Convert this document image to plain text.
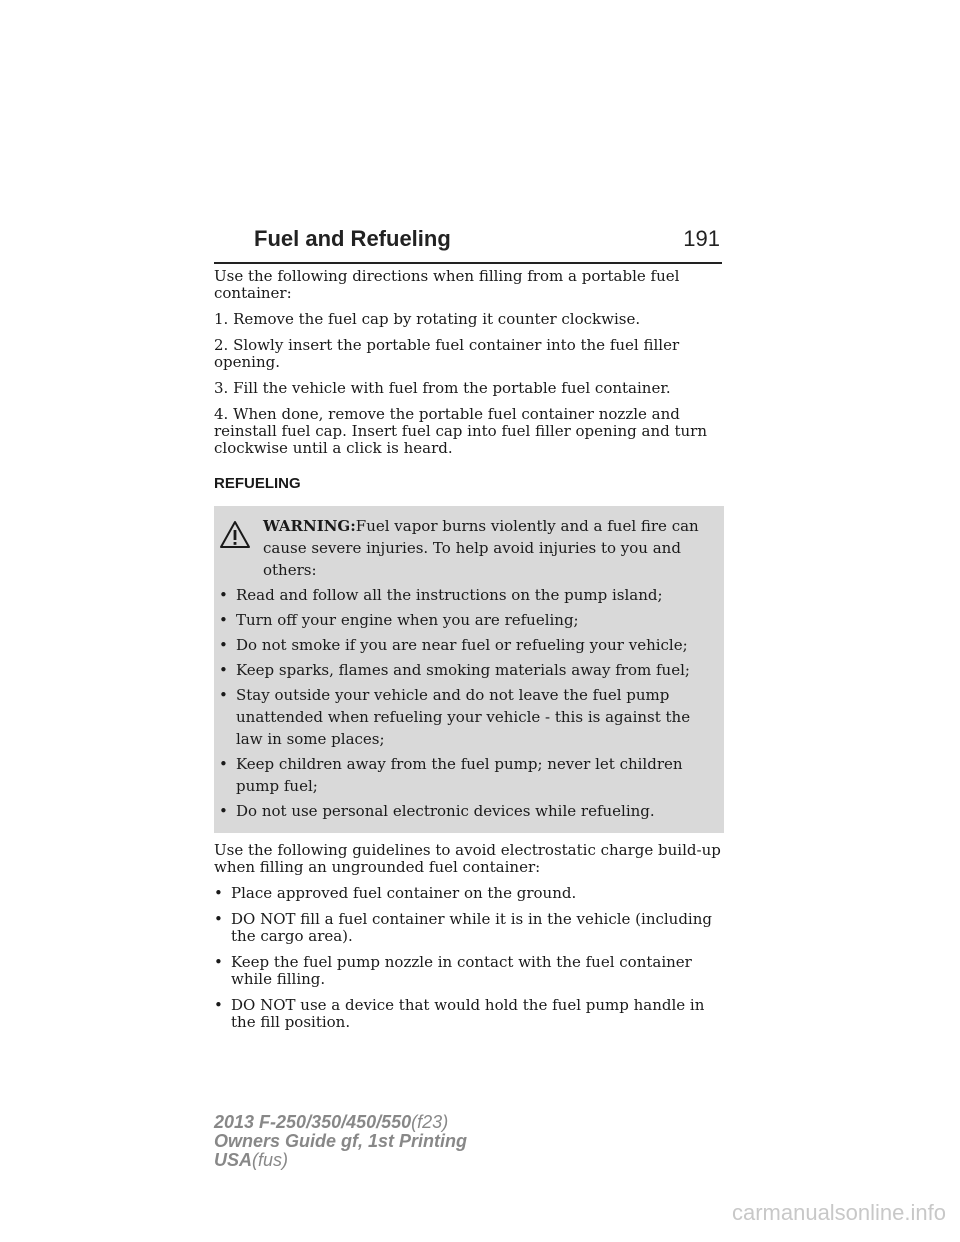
Fuel and Refueling	191

Use the following directions when filling from a portable fuel container:

1. Remove the fuel cap by rotating it counter clockwise.

2. Slowly insert the portable fuel container into the fuel filler opening.

3. Fill the vehicle with fuel from the portable fuel container.

4. When done, remove the portable fuel container nozzle and reinstall fuel cap. Insert fuel cap into fuel filler opening and turn clockwise until a click is heard.

REFUELING
WARNING:Fuel vapor burns violently and a fuel fire can cause severe injuries. To help avoid injuries to you and others:
• Read and follow all the instructions on the pump island;
• Turn off your engine when you are refueling;
• Do not smoke if you are near fuel or refueling your vehicle;
• Keep sparks, flames and smoking materials away from fuel;
• Stay outside your vehicle and do not leave the fuel pump unattended when refueling your vehicle - this is against the law in some places;
• Keep children away from the fuel pump; never let children pump fuel;
• Do not use personal electronic devices while refueling.

Use the following guidelines to avoid electrostatic charge build-up when filling an ungrounded fuel container:

• Place approved fuel container on the ground.
• DO NOT fill a fuel container while it is in the vehicle (including the cargo area).
• Keep the fuel pump nozzle in contact with the fuel container while filling.
• DO NOT use a device that would hold the fuel pump handle in the fill position.
2013 F-250/350/450/550(f23)
Owners Guide gf, 1st Printing
USA(fus)
carmanualsonline.info
